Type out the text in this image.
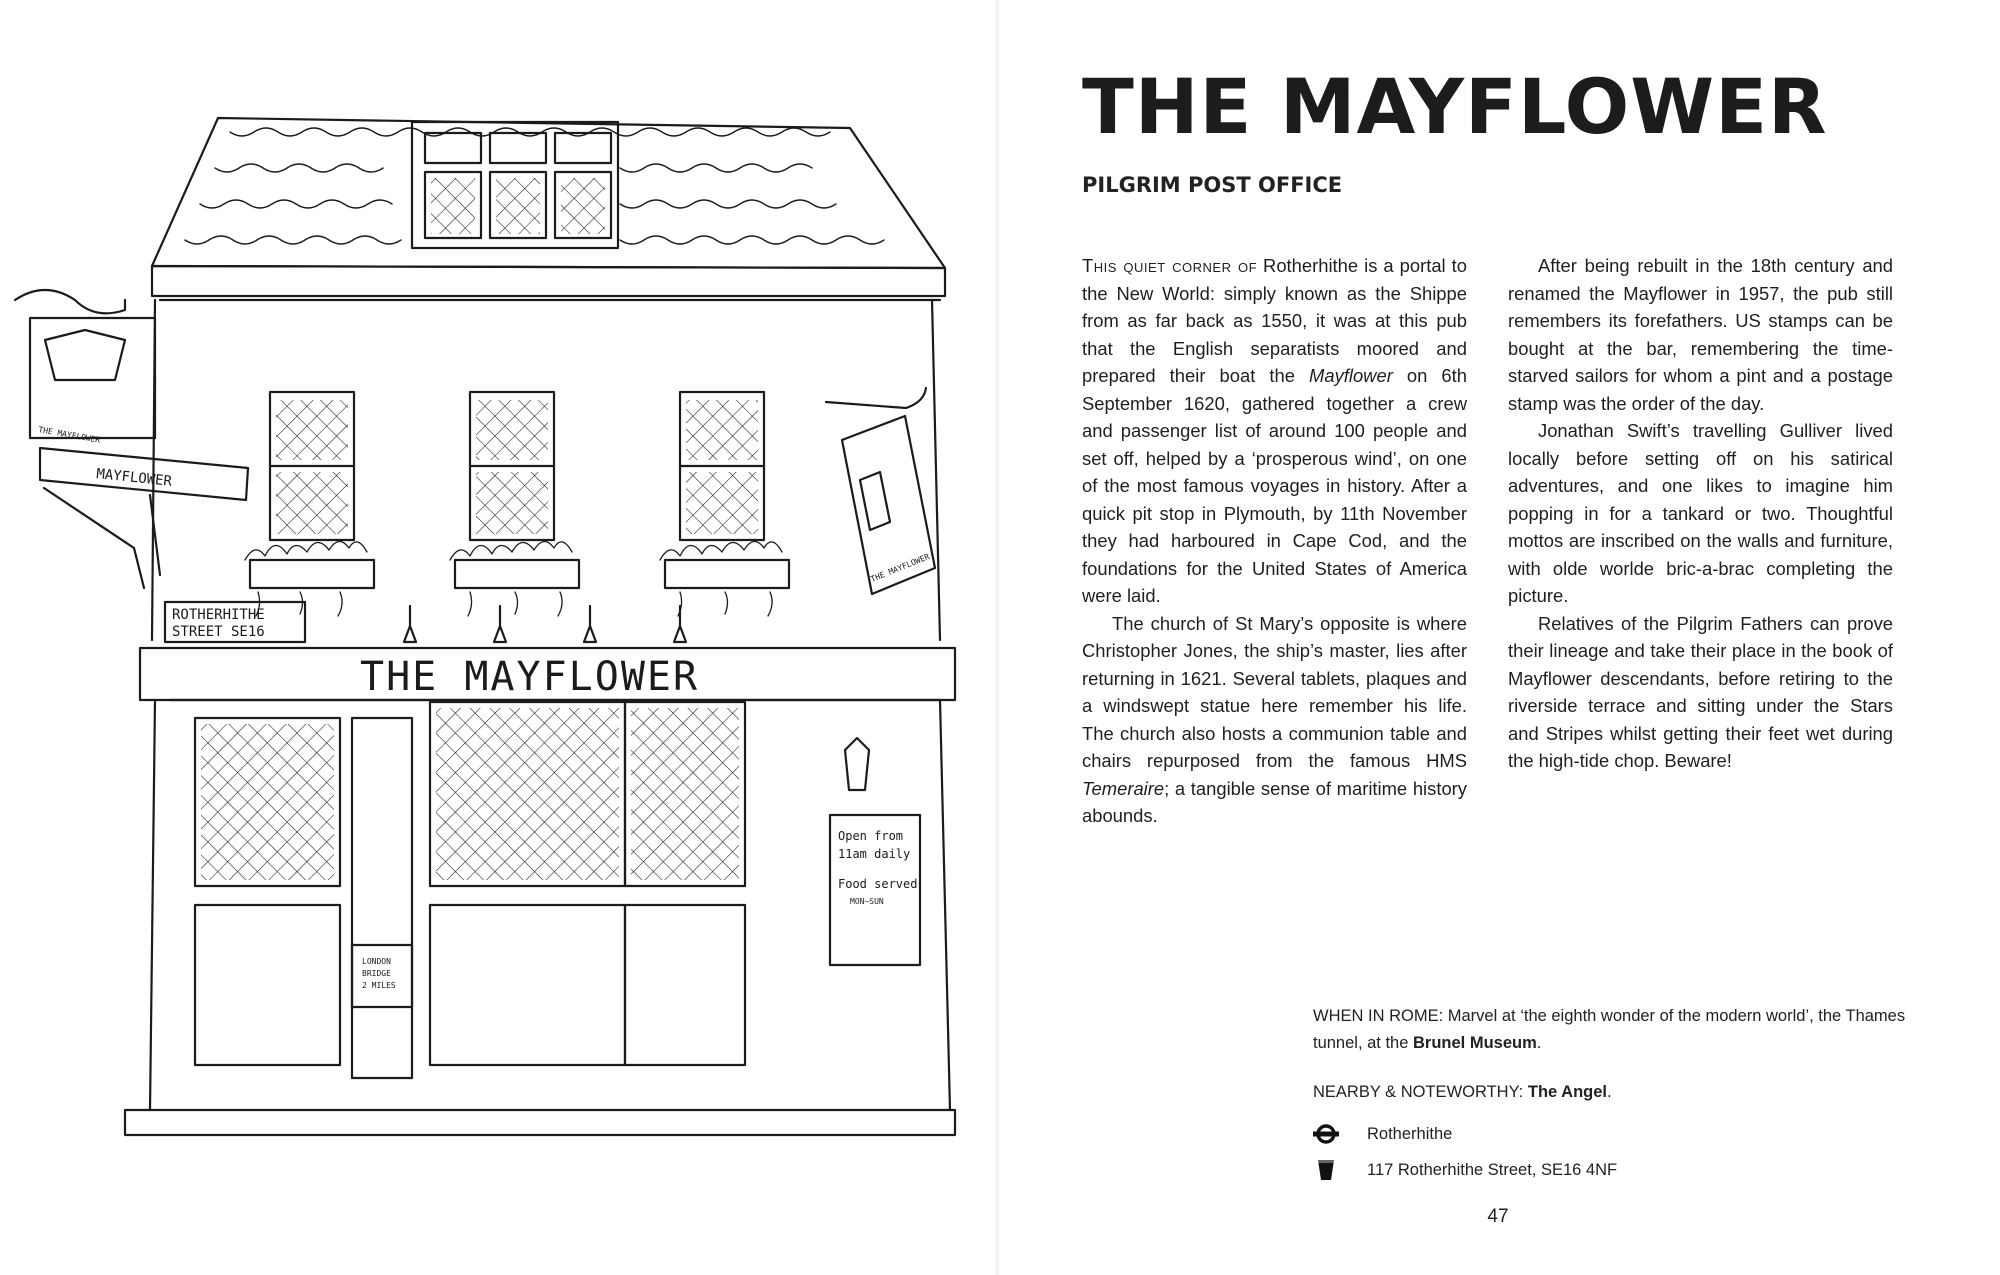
ROTHERHITHE
STREET SE16
THE MAYFLOWER
MAYFLOWER
THE MAYFLOWER
THE MAYFLOWER
Open from
11am daily
Food served
MON–SUN
LONDON
BRIDGE
2 MILES
THE MAYFLOWER
PILGRIM POST OFFICE

This quiet corner of Rotherhithe is a portal to the New World: simply known as the Shippe from as far back as 1550, it was at this pub that the English separatists moored and prepared their boat the Mayflower on 6th September 1620, gathered together a crew and passenger list of around 100 people and set off, helped by a ‘prosperous wind’, on one of the most famous voyages in history. After a quick pit stop in Plymouth, by 11th November they had harboured in Cape Cod, and the foundations for the United States of America were laid.

The church of St Mary’s opposite is where Christopher Jones, the ship’s master, lies after returning in 1621. Several tablets, plaques and a windswept statue here remember his life. The church also hosts a communion table and chairs repurposed from the famous HMS Temeraire; a tangible sense of maritime history abounds.

After being rebuilt in the 18th century and renamed the Mayflower in 1957, the pub still remembers its forefathers. US stamps can be bought at the bar, remembering the time-starved sailors for whom a pint and a postage stamp was the order of the day.

Jonathan Swift’s travelling Gulliver lived locally before setting off on his satirical adventures, and one likes to imagine him popping in for a tankard or two. Thoughtful mottos are inscribed on the walls and furniture, with olde worlde bric-a-brac completing the picture.

Relatives of the Pilgrim Fathers can prove their lineage and take their place in the book of Mayflower descendants, before retiring to the riverside terrace and sitting under the Stars and Stripes whilst getting their feet wet during the high-tide chop. Beware!

WHEN IN ROME: Marvel at ‘the eighth wonder of the modern world’, the Thames tunnel, at the Brunel Museum.
NEARBY & NOTEWORTHY: The Angel.
Rotherhithe
117 Rotherhithe Street, SE16 4NF
47
